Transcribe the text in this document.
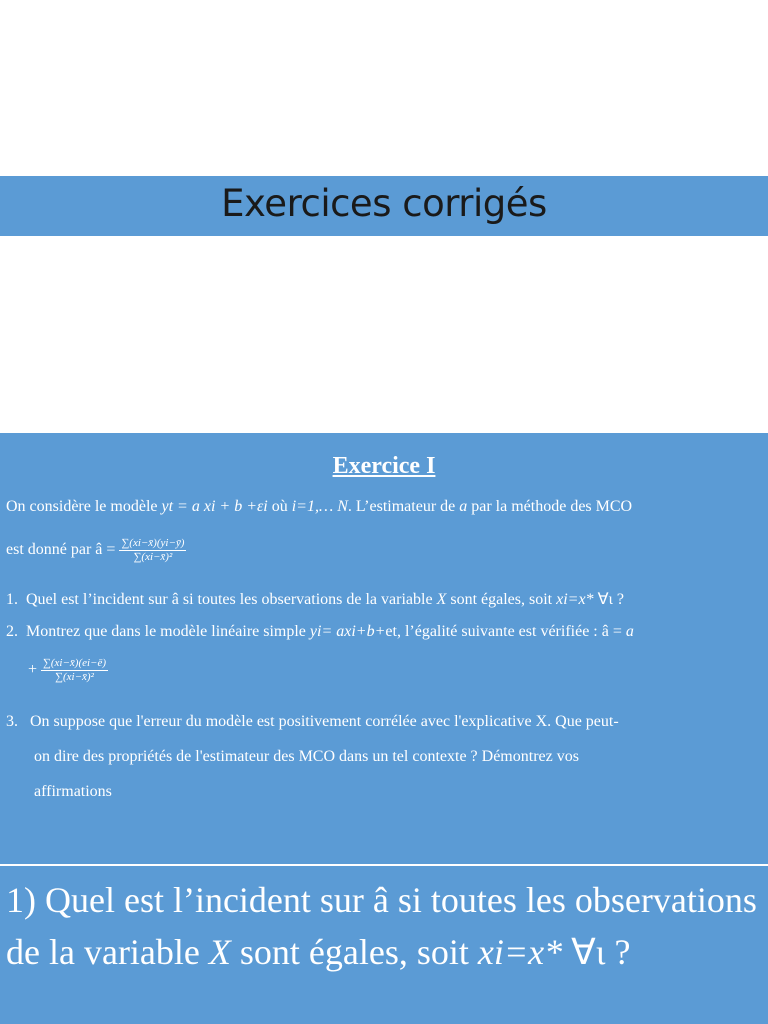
Exercices corrigés
Exercice I
On considère le modèle yt = a xi + b +εi où i=1,… N. L’estimateur de a par la méthode des MCO
est donné par â = $\frac{\sum(xi-x̄)(yi-ȳ)}{\text{∑(xi−x̄)²}}$
1. Quel est l’incident sur â si toutes les observations de la variable X sont égales, soit xi=x* ∀ι ?
2. Montrez que dans le modèle linéaire simple yi= axi+b+et, l’égalité suivante est vérifiée : â = a
+ $\frac{\sum(xi-x̄)(ei-ē)}{\text{∑(xi−x̄)²}}$
3. On suppose que l'erreur du modèle est positivement corrélée avec l'explicative X. Que peut-
on dire des propriétés de l'estimateur des MCO dans un tel contexte ? Démontrez vos
affirmations
1) Quel est l’incident sur â si toutes les observations de la variable X sont égales, soit xi=x* ∀ι ?
